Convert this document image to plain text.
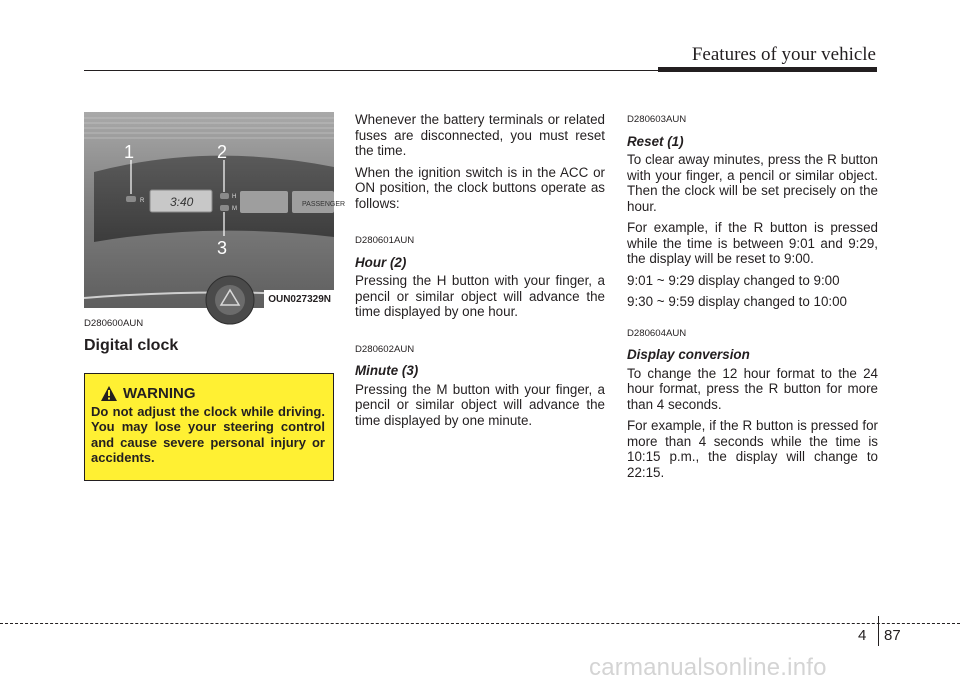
Features of your vehicle
R 3:40	H
M
PASSENGER
1	2
3
OUN027329N

D280600AUN

Digital clock
WARNING

Do not adjust the clock while driving. You may lose your steering control and cause severe personal injury or accidents.

Whenever the battery terminals or related fuses are disconnected, you must reset the time.

When the ignition switch is in the ACC or ON position, the clock buttons operate as follows:

D280601AUN

Hour (2)

Pressing the H button with your finger, a pencil or similar object will advance the time displayed by one hour.

D280602AUN

Minute (3)

Pressing the M button with your finger, a pencil or similar object will advance the time displayed by one minute.

D280603AUN

Reset (1)

To clear away minutes, press the R button with your finger, a pencil or similar object. Then the clock will be set precisely on the hour.

For example, if the R button is pressed while the time is between 9:01 and 9:29, the display will be reset to 9:00.

9:01 ~ 9:29 display changed to 9:00

9:30 ~ 9:59 display changed to 10:00

D280604AUN

Display conversion

To change the 12 hour format to the 24 hour format, press the R button for more than 4 seconds.

For example, if the R button is pressed for more than 4 seconds while the time is 10:15 p.m., the display will change to 22:15.

4 87
carmanualsonline.info
